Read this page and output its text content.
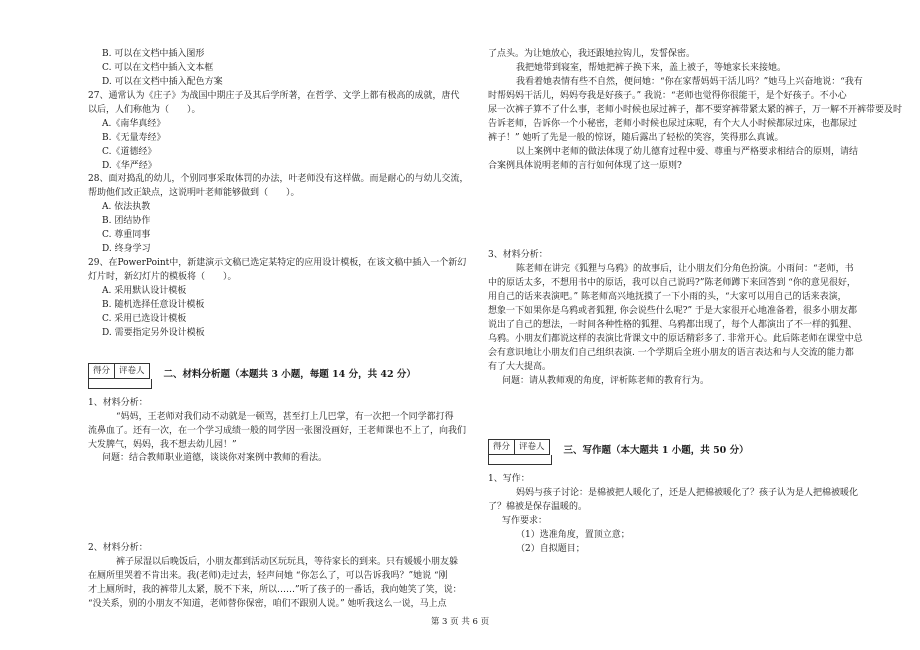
B. 可以在文档中插入图形
C. 可以在文档中插入文本框
D. 可以在文档中插入配色方案
27、通常认为《庄子》为战国中期庄子及其后学所著，在哲学、文学上都有极高的成就，唐代
以后，人们称他为（　　）。
A.《南华真经》
B.《无量寿经》
C.《道德经》
D.《华严经》
28、面对捣乱的幼儿，个别同事采取体罚的办法，叶老师没有这样做。而是耐心的与幼儿交流，
帮助他们改正缺点，这说明叶老师能够做到（　　）。
A. 依法执教
B. 团结协作
C. 尊重同事
D. 终身学习
29、在PowerPoint中，新建演示文稿已选定某特定的应用设计模板，在该文稿中插入一个新幻
灯片时，新幻灯片的模板将（　　）。
A. 采用默认设计模板
B. 随机选择任意设计模板
C. 采用已选设计模板
D. 需要指定另外设计模板
得分	评卷人	二、材料分析题（本题共 3 小题，每题 14 分，共 42 分）
1、材料分析：
“妈妈，王老师对我们动不动就是一顿骂，甚至打上几巴掌，有一次把一个同学都打得
流鼻血了。还有一次，在一个学习成绩一般的同学因一张图没画好，王老师课也不上了，向我们
大发脾气，妈妈，我不想去幼儿园！”
问题：结合教师职业道德，谈谈你对案例中教师的看法。
2、材料分析：
裤子尿湿以后晚饭后，小朋友都到活动区玩玩具，等待家长的到来。只有媛媛小朋友躲
在厕所里哭着不肯出来。我(老师)走过去，轻声问她 “你怎么了，可以告诉我吗？”她说 “刚
才上厕所时，我的裤带儿太紧，脱不下来，所以……”听了孩子的一番话，我向她笑了笑，说：
“没关系，别的小朋友不知道，老师替你保密，咱们不跟别人说。” 她听我这么一说，马上点
了点头。为让她放心，我还跟她拉钩儿，发誓保密。
我把她带到寝室，帮她把裤子换下来，盖上被子，等她家长来接她。
我看着她表情有些不自然，便问她：“你在家帮妈妈干活儿吗？”她马上兴奋地说：“我有
时帮妈妈干活儿，妈妈夸我是好孩子。” 我说：“老师也觉得你很能干，是个好孩子。不小心
尿一次裤子算不了什么事，老师小时候也尿过裤子，都不要穿裤带紧太紧的裤子，万一解不开裤带要及时
告诉老师，告诉你一个小秘密，老师小时候也尿过床呢，有个大人小时候都尿过床，也都尿过
裤子！” 她听了先是一般的惊讶，随后露出了轻松的笑容，笑得那么真诚。
以上案例中老师的做法体现了幼儿德育过程中爱、尊重与严格要求相结合的原则，请结
合案例具体说明老师的言行如何体现了这一原则?
3、材料分析：
陈老师在讲完《狐狸与乌鸦》的故事后，让小朋友们分角色扮演。小雨问：“老师，书
中的原话太多，不想用书中的原话，我可以自己说吗?”陈老师蹲下来回答到 “你的意见很好，
用自己的话来表演吧。” 陈老师高兴地抚摸了一下小雨的头，“大家可以用自己的话来表演，
想象一下如果你是乌鸦或者狐狸, 你会说些什么呢?” 于是大家很开心地准备着，很多小朋友都
说出了自己的想法，一时间各种性格的狐狸、乌鸦都出现了，每个人都演出了不一样的狐狸、
乌鸦。小朋友们都说这样的表演比背课文中的原话精彩多了. 非常开心。此后陈老师在课堂中总
会有意识地让小朋友们自己组织表演. 一个学期后全班小朋友的语言表达和与人交流的能力都
有了大大提高。
问题：请从教师观的角度，评析陈老师的教育行为。
得分	评卷人	三、写作题（本大题共 1 小题，共 50 分）
1、写作：
妈妈与孩子讨论：是棉被把人暖化了，还是人把棉被暖化了？孩子认为是人把棉被暖化
了？棉被是保存温暖的。
写作要求：
（1）选准角度，置顶立意；
（2）自拟题目；
第 3 页 共 6 页
